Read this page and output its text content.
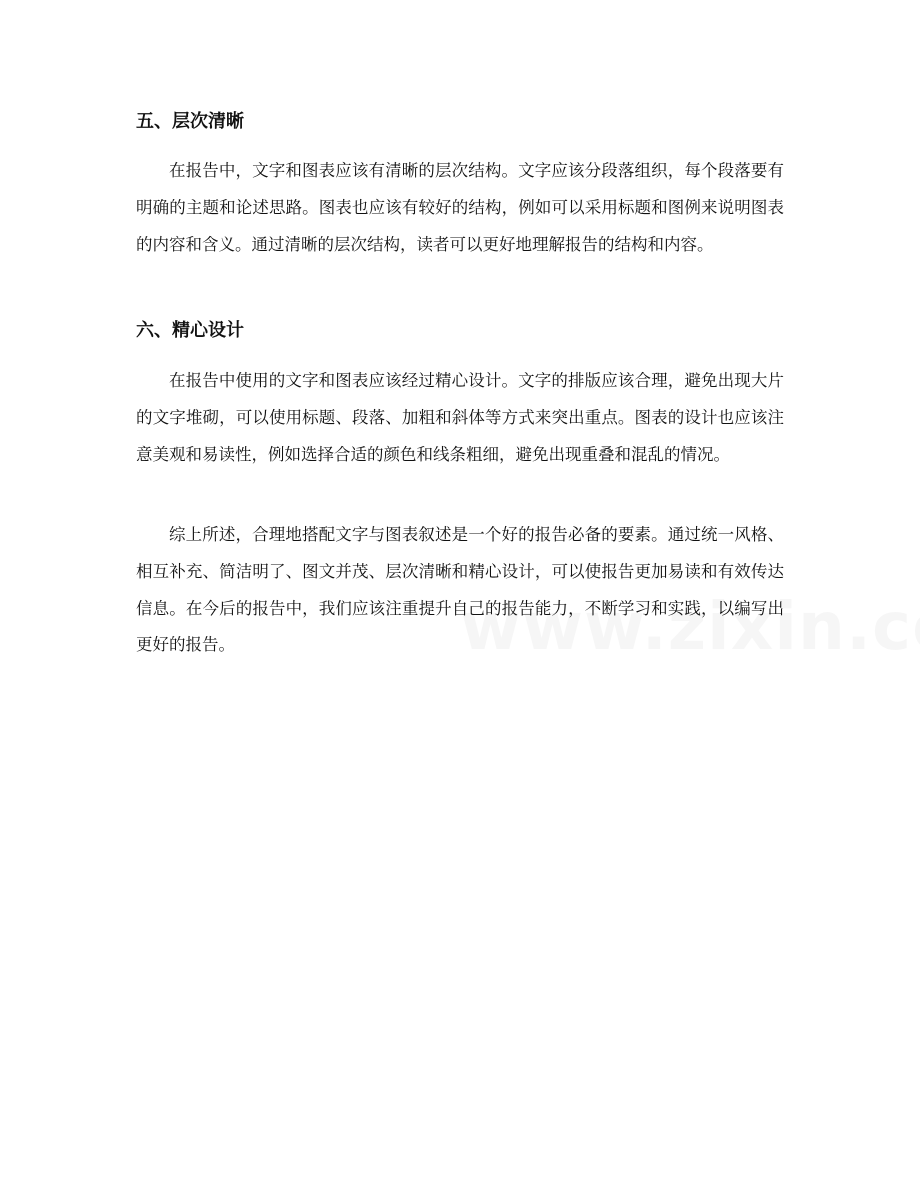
五、层次清晰

在报告中，文字和图表应该有清晰的层次结构。文字应该分段落组织，每个段落要有明确的主题和论述思路。图表也应该有较好的结构，例如可以采用标题和图例来说明图表的内容和含义。通过清晰的层次结构，读者可以更好地理解报告的结构和内容。

六、精心设计

在报告中使用的文字和图表应该经过精心设计。文字的排版应该合理，避免出现大片的文字堆砌，可以使用标题、段落、加粗和斜体等方式来突出重点。图表的设计也应该注意美观和易读性，例如选择合适的颜色和线条粗细，避免出现重叠和混乱的情况。

综上所述，合理地搭配文字与图表叙述是一个好的报告必备的要素。通过统一风格、相互补充、简洁明了、图文并茂、层次清晰和精心设计，可以使报告更加易读和有效传达信息。在今后的报告中，我们应该注重提升自己的报告能力，不断学习和实践，以编写出更好的报告。
